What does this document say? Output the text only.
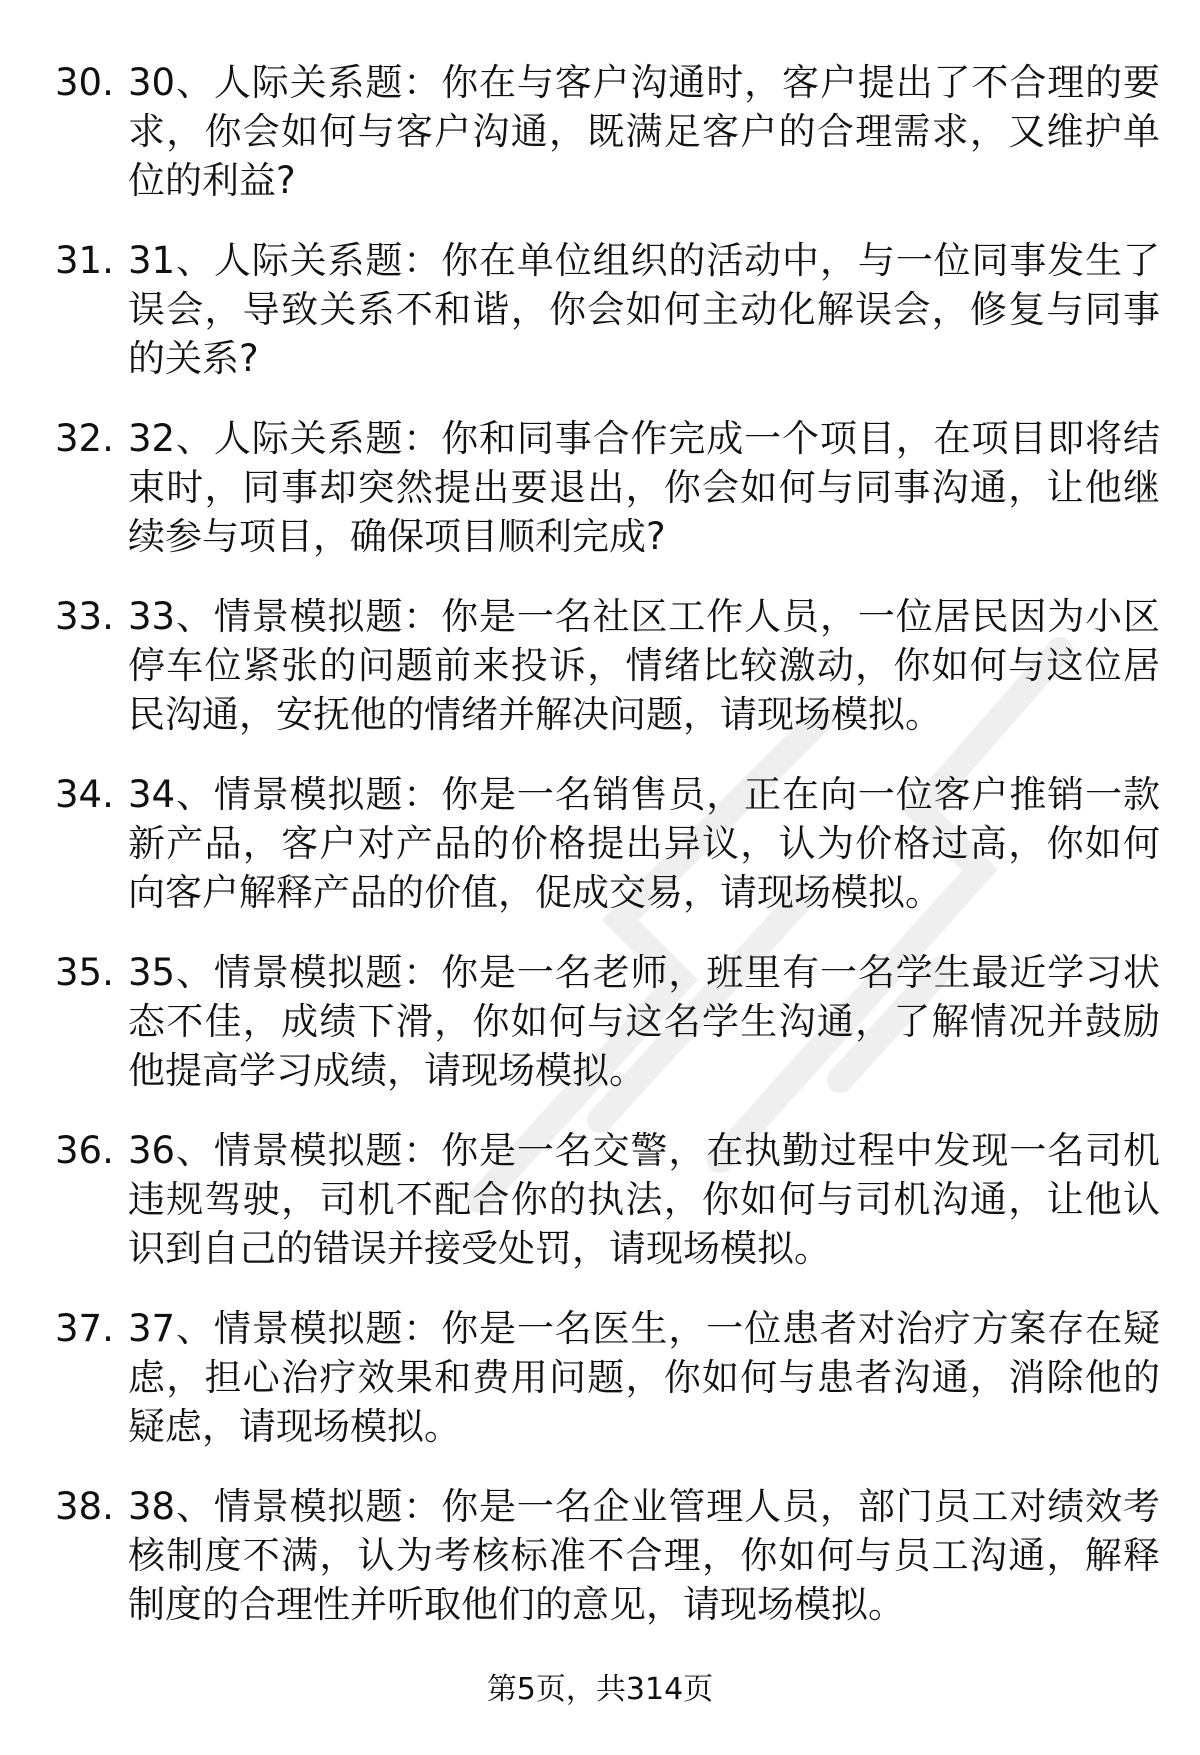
30. 30、人际关系题：你在与客户沟通时，客户提出了不合理的要求，你会如何与客户沟通，既满足客户的合理需求，又维护单位的利益?
31. 31、人际关系题：你在单位组织的活动中，与一位同事发生了误会，导致关系不和谐，你会如何主动化解误会，修复与同事的关系?
32. 32、人际关系题：你和同事合作完成一个项目，在项目即将结束时，同事却突然提出要退出，你会如何与同事沟通，让他继续参与项目，确保项目顺利完成?
33. 33、情景模拟题：你是一名社区工作人员，一位居民因为小区停车位紧张的问题前来投诉，情绪比较激动，你如何与这位居民沟通，安抚他的情绪并解决问题，请现场模拟。
34. 34、情景模拟题：你是一名销售员，正在向一位客户推销一款新产品，客户对产品的价格提出异议，认为价格过高，你如何向客户解释产品的价值，促成交易，请现场模拟。
35. 35、情景模拟题：你是一名老师，班里有一名学生最近学习状态不佳，成绩下滑，你如何与这名学生沟通，了解情况并鼓励他提高学习成绩，请现场模拟。
36. 36、情景模拟题：你是一名交警，在执勤过程中发现一名司机违规驾驶，司机不配合你的执法，你如何与司机沟通，让他认识到自己的错误并接受处罚，请现场模拟。
37. 37、情景模拟题：你是一名医生，一位患者对治疗方案存在疑虑，担心治疗效果和费用问题，你如何与患者沟通，消除他的疑虑，请现场模拟。
38. 38、情景模拟题：你是一名企业管理人员，部门员工对绩效考核制度不满，认为考核标准不合理，你如何与员工沟通，解释制度的合理性并听取他们的意见，请现场模拟。
第5页，共314页
